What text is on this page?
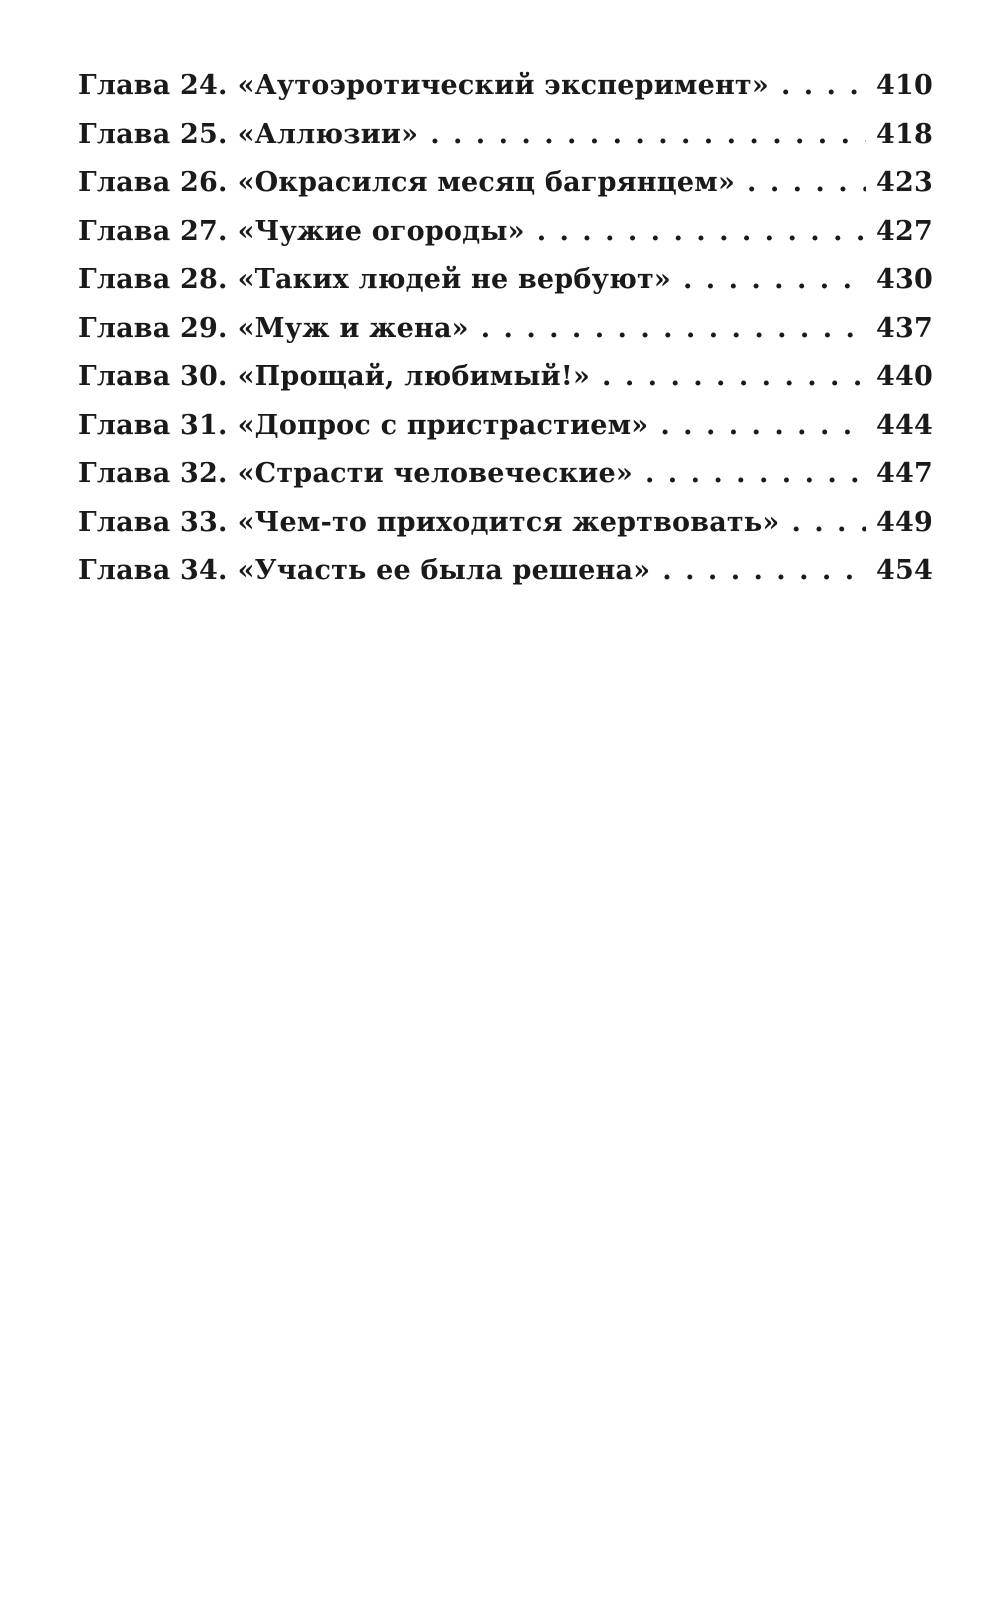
Глава 24. «Аутоэротический эксперимент» . . .	410
Глава 25. «Аллюзии» . . .	418
Глава 26. «Окрасился месяц багрянцем» . . .	423
Глава 27. «Чужие огороды» . . .	427
Глава 28. «Таких людей не вербуют» . . .	430
Глава 29. «Муж и жена» . . .	437
Глава 30. «Прощай, любимый!» . . .	440
Глава 31. «Допрос с пристрастием» . . .	444
Глава 32. «Страсти человеческие» . . .	447
Глава 33. «Чем-то приходится жертвовать» . . .	449
Глава 34. «Участь ее была решена» . . .	454
